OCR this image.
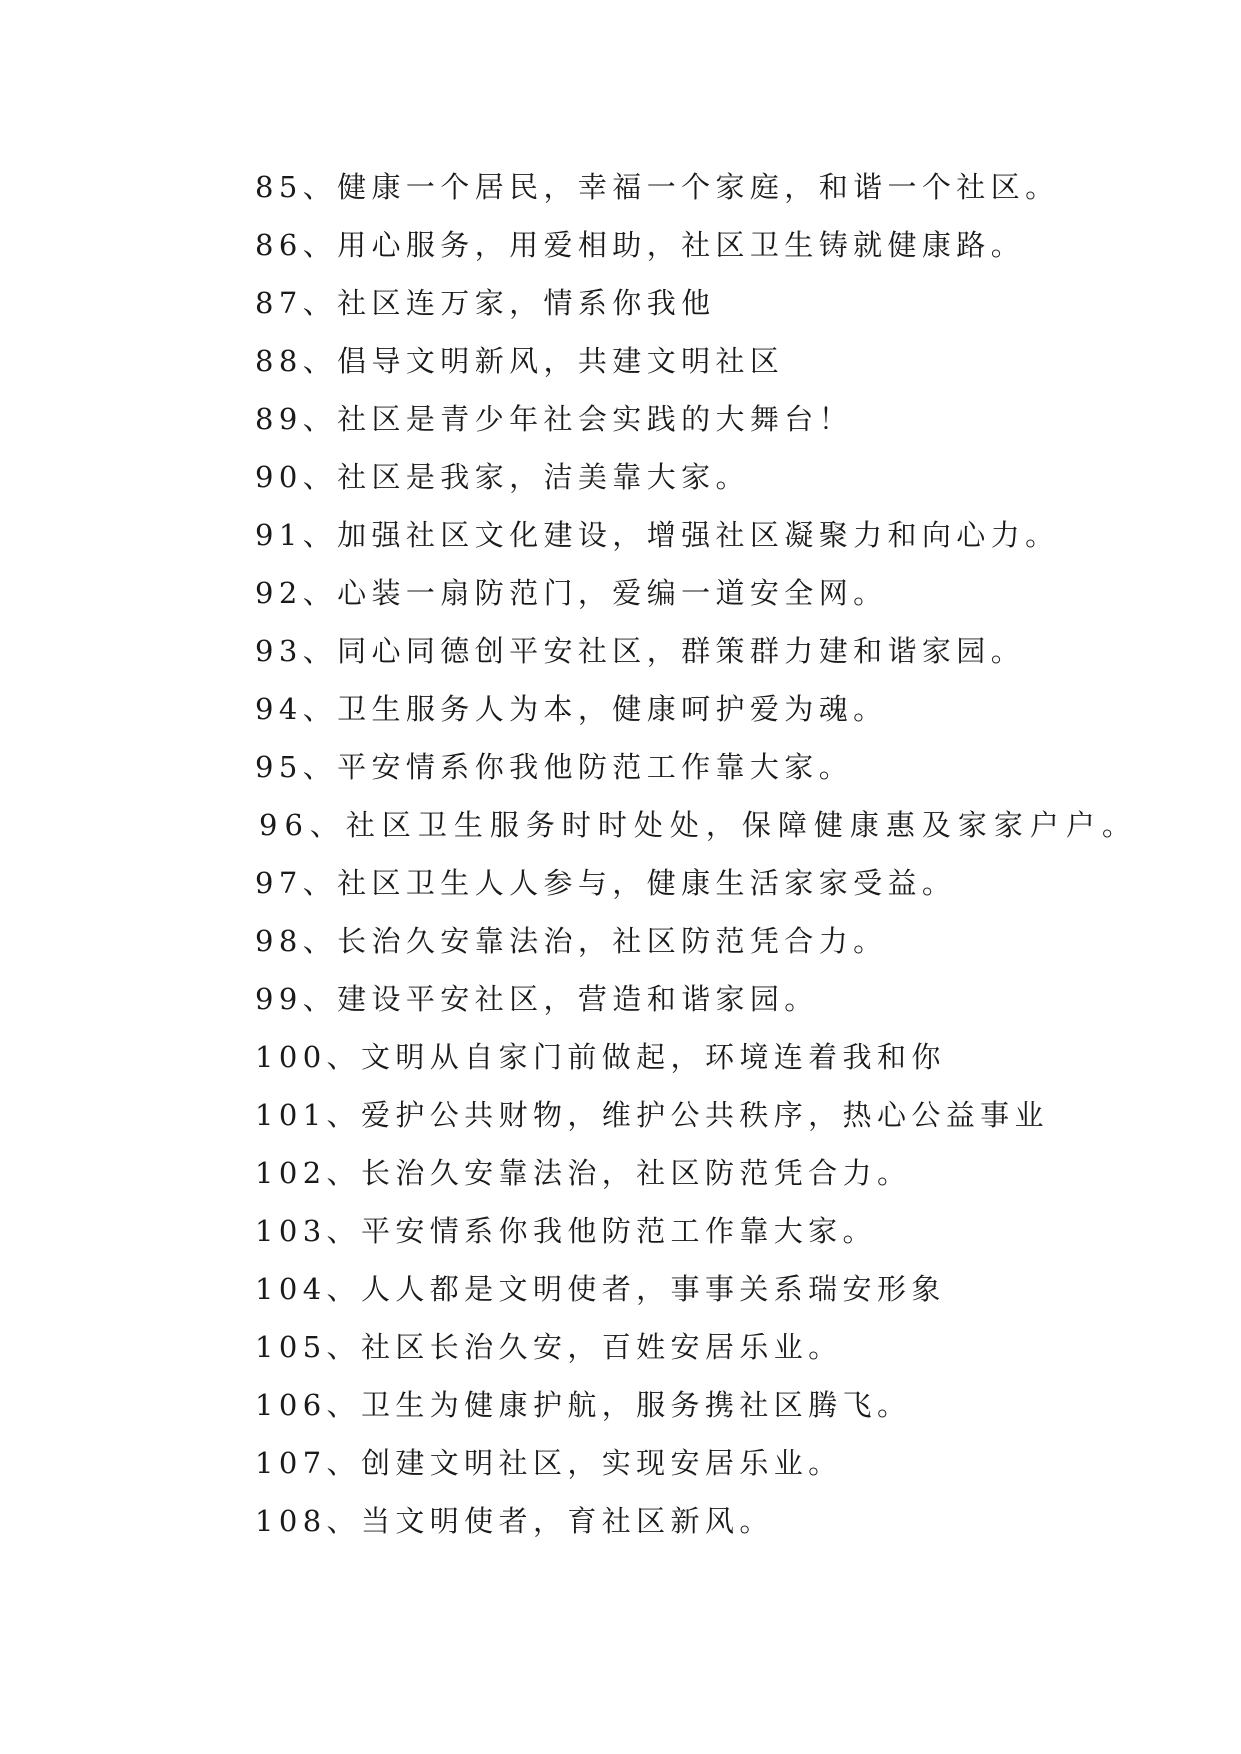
85、健康一个居民，幸福一个家庭，和谐一个社区。
86、用心服务，用爱相助，社区卫生铸就健康路。
87、社区连万家，情系你我他
88、倡导文明新风，共建文明社区
89、社区是青少年社会实践的大舞台！
90、社区是我家，洁美靠大家。
91、加强社区文化建设，增强社区凝聚力和向心力。
92、心装一扇防范门，爱编一道安全网。
93、同心同德创平安社区，群策群力建和谐家园。
94、卫生服务人为本，健康呵护爱为魂。
95、平安情系你我他防范工作靠大家。
96、社区卫生服务时时处处，保障健康惠及家家户户。
97、社区卫生人人参与，健康生活家家受益。
98、长治久安靠法治，社区防范凭合力。
99、建设平安社区，营造和谐家园。
100、文明从自家门前做起，环境连着我和你
101、爱护公共财物，维护公共秩序，热心公益事业
102、长治久安靠法治，社区防范凭合力。
103、平安情系你我他防范工作靠大家。
104、人人都是文明使者，事事关系瑞安形象
105、社区长治久安，百姓安居乐业。
106、卫生为健康护航，服务携社区腾飞。
107、创建文明社区，实现安居乐业。
108、当文明使者，育社区新风。
